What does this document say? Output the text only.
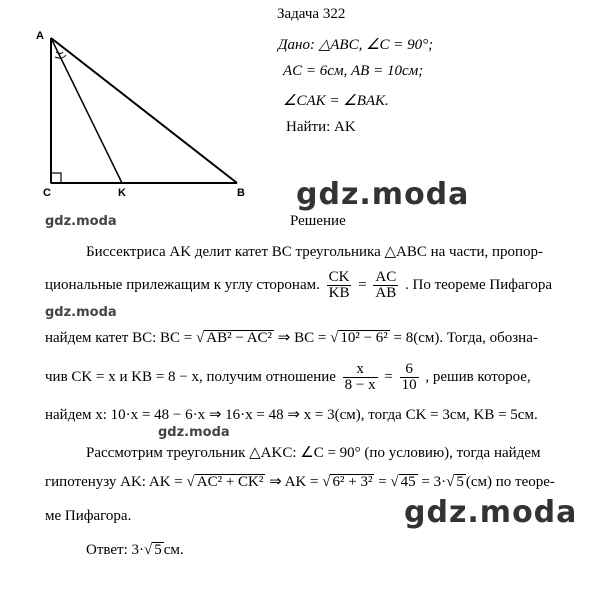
A
C	K	B
Задача 322
Дано: △ABC, ∠C = 90°;
AC = 6см, AB = 10см;
∠CAK = ∠BAK.
Найти: AK
gdz.moda
gdz.moda
gdz.moda
gdz.moda
gdz.moda
Решение
Биссектриса AK делит катет BC треугольника △ABC на части, пропор-
циональные прилежащим к углу сторонам. $\frac{CK}{KB} = \frac{AC}{AB}$ . По теореме Пифагора
найдем катет BC: BC = √ AB² − AC² ⇒ BC = √ 10² − 6² = 8(см). Тогда, обозна-
чив CK = x и KB = 8 − x, получим отношение $\frac{x}{8 - x} = \frac{6}{10}$ , решив которое,
найдем x: 10·x = 48 − 6·x ⇒ 16·x = 48 ⇒ x = 3(см), тогда CK = 3см, KB = 5см.
Рассмотрим треугольник △AKC: ∠C = 90° (по условию), тогда найдем
гипотенузу AK: AK = √ AC² + CK² ⇒ AK = √ 6² + 3² = √ 45 = 3·√ 5 (см) по теоре-
ме Пифагора.
Ответ: 3·√ 5 см.
